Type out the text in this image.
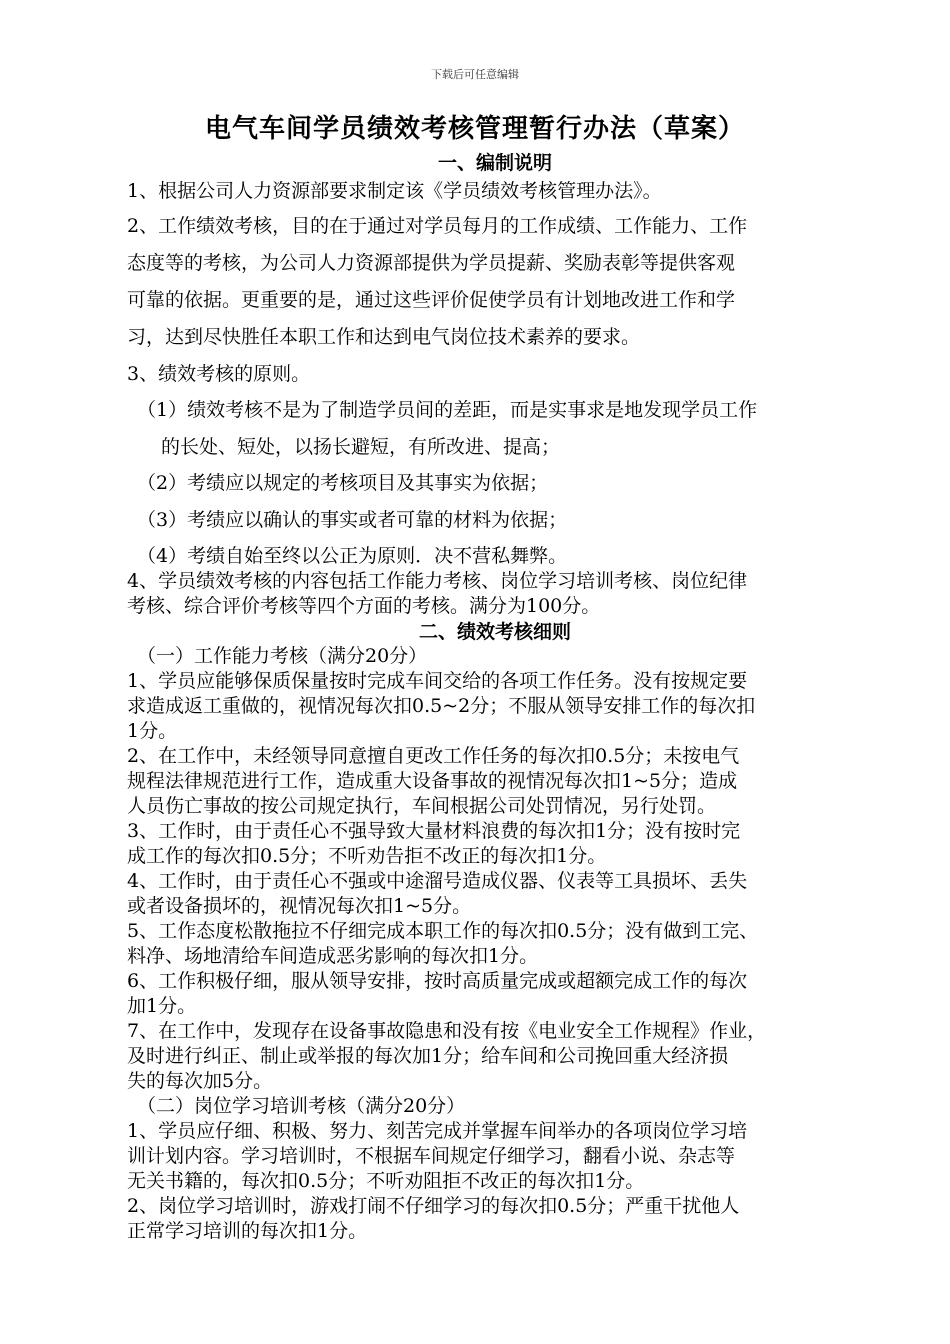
下载后可任意编辑
电气车间学员绩效考核管理暂行办法（草案）
一、编制说明
1、根据公司人力资源部要求制定该《学员绩效考核管理办法》。
2、工作绩效考核，目的在于通过对学员每月的工作成绩、工作能力、工作
态度等的考核，为公司人力资源部提供为学员提薪、奖励表彰等提供客观
可靠的依据。更重要的是，通过这些评价促使学员有计划地改进工作和学
习，达到尽快胜任本职工作和达到电气岗位技术素养的要求。
3、绩效考核的原则。
（1）绩效考核不是为了制造学员间的差距，而是实事求是地发现学员工作
的长处、短处，以扬长避短，有所改进、提高；
（2）考绩应以规定的考核项目及其事实为依据；
（3）考绩应以确认的事实或者可靠的材料为依据；
（4）考绩自始至终以公正为原则．决不营私舞弊。
4、学员绩效考核的内容包括工作能力考核、岗位学习培训考核、岗位纪律
考核、综合评价考核等四个方面的考核。满分为100分。
二、绩效考核细则
（一）工作能力考核（满分20分）
1、学员应能够保质保量按时完成车间交给的各项工作任务。没有按规定要
求造成返工重做的，视情况每次扣0.5~2分；不服从领导安排工作的每次扣
1分。
2、在工作中，未经领导同意擅自更改工作任务的每次扣0.5分；未按电气
规程法律规范进行工作，造成重大设备事故的视情况每次扣1~5分；造成
人员伤亡事故的按公司规定执行，车间根据公司处罚情况，另行处罚。
3、工作时，由于责任心不强导致大量材料浪费的每次扣1分；没有按时完
成工作的每次扣0.5分；不听劝告拒不改正的每次扣1分。
4、工作时，由于责任心不强或中途溜号造成仪器、仪表等工具损坏、丢失
或者设备损坏的，视情况每次扣1~5分。
5、工作态度松散拖拉不仔细完成本职工作的每次扣0.5分；没有做到工完、
料净、场地清给车间造成恶劣影响的每次扣1分。
6、工作积极仔细，服从领导安排，按时高质量完成或超额完成工作的每次
加1分。
7、在工作中，发现存在设备事故隐患和没有按《电业安全工作规程》作业，
及时进行纠正、制止或举报的每次加1分；给车间和公司挽回重大经济损
失的每次加5分。
（二）岗位学习培训考核（满分20分）
1、学员应仔细、积极、努力、刻苦完成并掌握车间举办的各项岗位学习培
训计划内容。学习培训时，不根据车间规定仔细学习，翻看小说、杂志等
无关书籍的，每次扣0.5分；不听劝阻拒不改正的每次扣1分。
2、岗位学习培训时，游戏打闹不仔细学习的每次扣0.5分；严重干扰他人
正常学习培训的每次扣1分。
